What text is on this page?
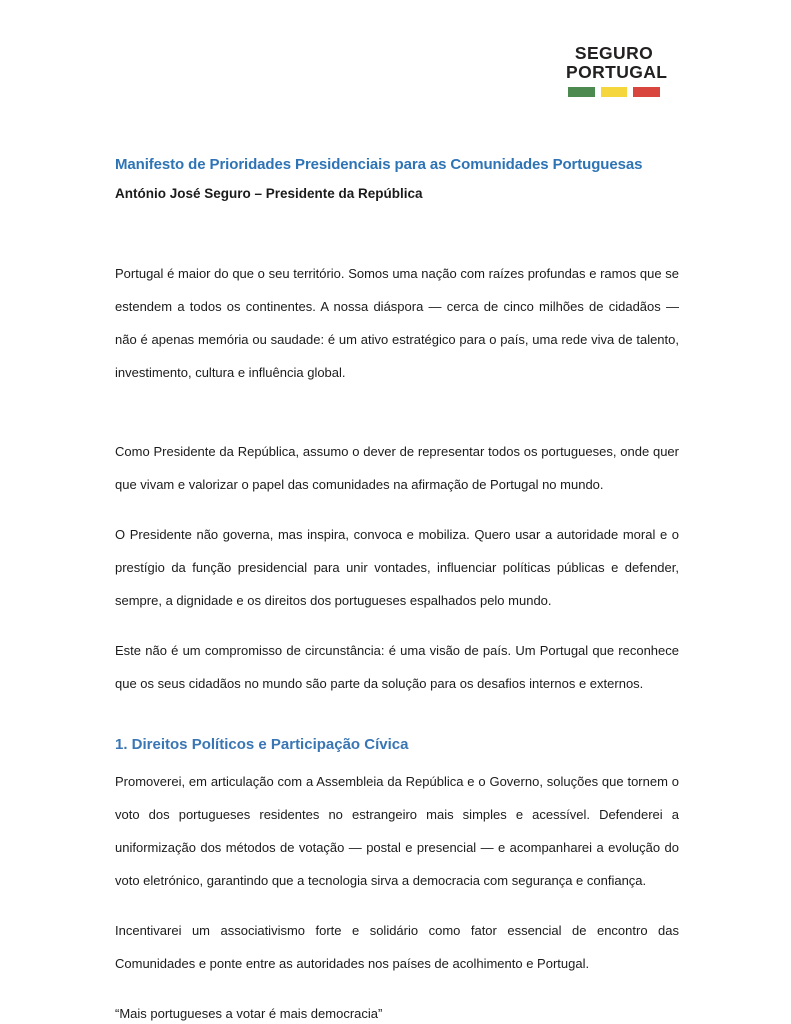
SEGURO
PORTUGAL
Manifesto de Prioridades Presidenciais para as Comunidades Portuguesas
António José Seguro – Presidente da República

Portugal é maior do que o seu território. Somos uma nação com raízes profundas e ramos que se estendem a todos os continentes. A nossa diáspora — cerca de cinco milhões de cidadãos — não é apenas memória ou saudade: é um ativo estratégico para o país, uma rede viva de talento, investimento, cultura e influência global.

Como Presidente da República, assumo o dever de representar todos os portugueses, onde quer que vivam e valorizar o papel das comunidades na afirmação de Portugal no mundo.

O Presidente não governa, mas inspira, convoca e mobiliza. Quero usar a autoridade moral e o prestígio da função presidencial para unir vontades, influenciar políticas públicas e defender, sempre, a dignidade e os direitos dos portugueses espalhados pelo mundo.

Este não é um compromisso de circunstância: é uma visão de país. Um Portugal que reconhece que os seus cidadãos no mundo são parte da solução para os desafios internos e externos.

1. Direitos Políticos e Participação Cívica

Promoverei, em articulação com a Assembleia da República e o Governo, soluções que tornem o voto dos portugueses residentes no estrangeiro mais simples e acessível. Defenderei a uniformização dos métodos de votação — postal e presencial — e acompanharei a evolução do voto eletrónico, garantindo que a tecnologia sirva a democracia com segurança e confiança.

Incentivarei um associativismo forte e solidário como fator essencial de encontro das Comunidades e ponte entre as autoridades nos países de acolhimento e Portugal.

“Mais portugueses a votar é mais democracia”
